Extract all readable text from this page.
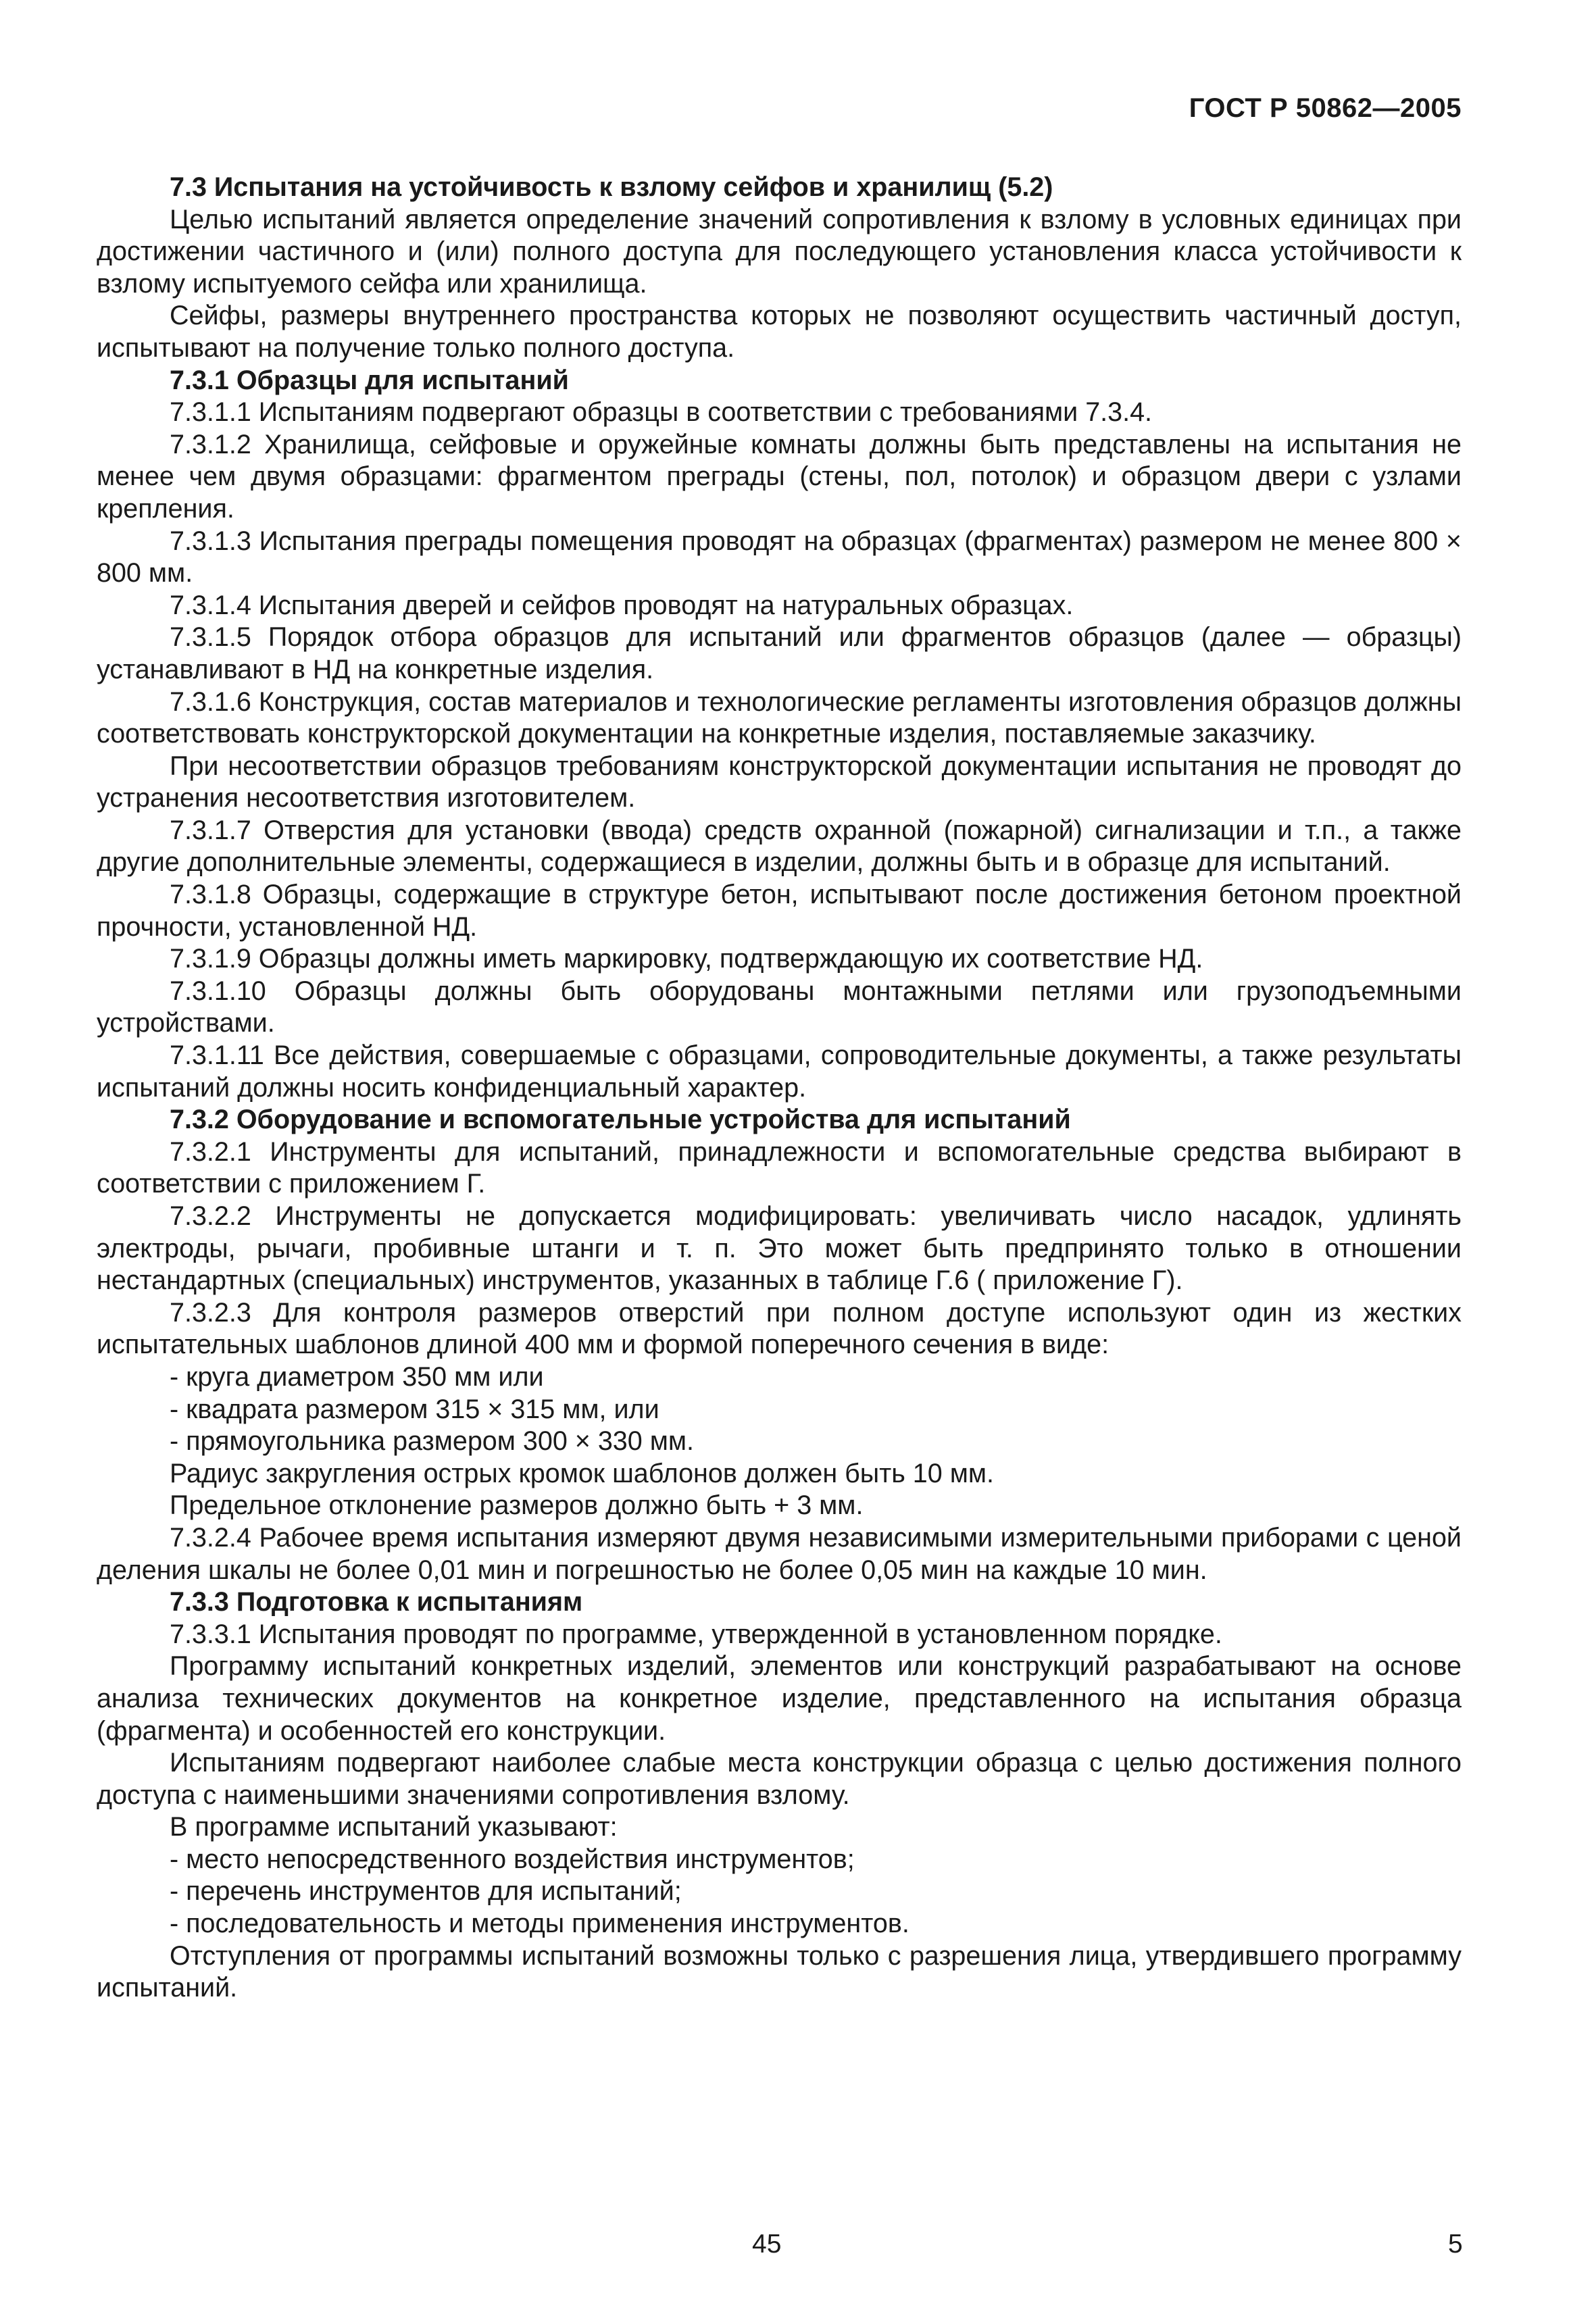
ГОСТ Р 50862—2005

7.3 Испытания на устойчивость к взлому сейфов и хранилищ (5.2)

Целью испытаний является определение значений сопротивления к взлому в условных единицах при достижении частичного и (или) полного доступа для последующего установления класса устойчивости к взлому испытуемого сейфа или хранилища.

Сейфы, размеры внутреннего пространства которых не позволяют осуществить частичный доступ, испытывают на получение только полного доступа.

7.3.1 Образцы для испытаний

7.3.1.1 Испытаниям подвергают образцы в соответствии с требованиями 7.3.4.

7.3.1.2 Хранилища, сейфовые и оружейные комнаты должны быть представлены на испытания не менее чем двумя образцами: фрагментом преграды (стены, пол, потолок) и образцом двери с узлами крепления.

7.3.1.3 Испытания преграды помещения проводят на образцах (фрагментах) размером не менее 800 × 800 мм.

7.3.1.4 Испытания дверей и сейфов проводят на натуральных образцах.

7.3.1.5 Порядок отбора образцов для испытаний или фрагментов образцов (далее — образцы) устанавливают в НД на конкретные изделия.

7.3.1.6 Конструкция, состав материалов и технологические регламенты изготовления образцов должны соответствовать конструкторской документации на конкретные изделия, поставляемые заказчику.

При несоответствии образцов требованиям конструкторской документации испытания не проводят до устранения несоответствия изготовителем.

7.3.1.7 Отверстия для установки (ввода) средств охранной (пожарной) сигнализации и т.п., а также другие дополнительные элементы, содержащиеся в изделии, должны быть и в образце для испытаний.

7.3.1.8 Образцы, содержащие в структуре бетон, испытывают после достижения бетоном проектной прочности, установленной НД.

7.3.1.9 Образцы должны иметь маркировку, подтверждающую их соответствие НД.

7.3.1.10 Образцы должны быть оборудованы монтажными петлями или грузоподъемными устройствами.

7.3.1.11 Все действия, совершаемые с образцами, сопроводительные документы, а также результаты испытаний должны носить конфиденциальный характер.

7.3.2 Оборудование и вспомогательные устройства для испытаний

7.3.2.1 Инструменты для испытаний, принадлежности и вспомогательные средства выбирают в соответствии с приложением Г.

7.3.2.2 Инструменты не допускается модифицировать: увеличивать число насадок, удлинять электроды, рычаги, пробивные штанги и т. п. Это может быть предпринято только в отношении нестандартных (специальных) инструментов, указанных в таблице Г.6 ( приложение Г).

7.3.2.3 Для контроля размеров отверстий при полном доступе используют один из жестких испытательных шаблонов длиной 400 мм и формой поперечного сечения в виде:

- круга диаметром 350 мм или

- квадрата размером 315 × 315 мм, или

- прямоугольника размером 300 × 330 мм.

Радиус закругления острых кромок шаблонов должен быть 10 мм.

Предельное отклонение размеров должно быть + 3 мм.

7.3.2.4 Рабочее время испытания измеряют двумя независимыми измерительными приборами с ценой деления шкалы не более 0,01 мин и погрешностью не более 0,05 мин на каждые 10 мин.

7.3.3 Подготовка к испытаниям

7.3.3.1 Испытания проводят по программе, утвержденной в установленном порядке.

Программу испытаний конкретных изделий, элементов или конструкций разрабатывают на основе анализа технических документов на конкретное изделие, представленного на испытания образца (фрагмента) и особенностей его конструкции.

Испытаниям подвергают наиболее слабые места конструкции образца с целью достижения полного доступа с наименьшими значениями сопротивления взлому.

В программе испытаний указывают:

- место непосредственного воздействия инструментов;

- перечень инструментов для испытаний;

- последовательность и методы применения инструментов.

Отступления от программы испытаний возможны только с разрешения лица, утвердившего программу испытаний.

45	5
